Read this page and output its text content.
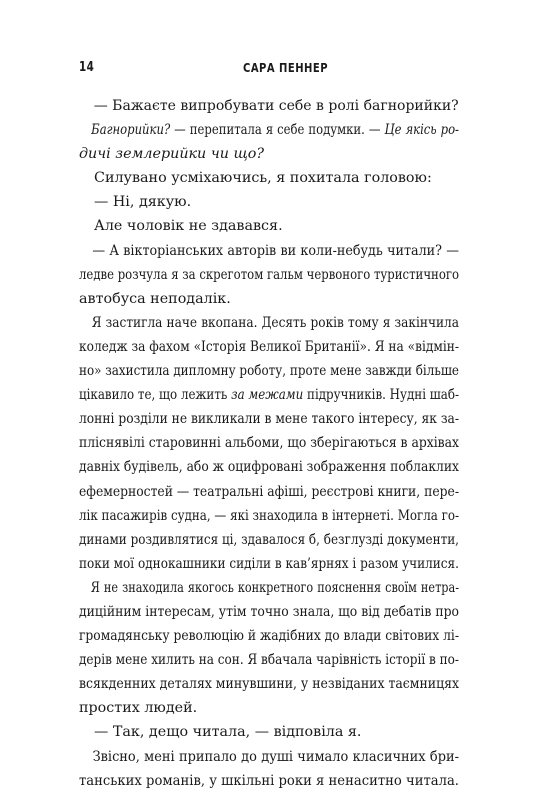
14	САРА ПЕННЕР
— Бажаєте випробувати себе в ролі багнорийки?
Багнорийки? — перепитала я себе подумки. — Це якісь ро-
дичі землерийки чи що?
Силувано усміхаючись, я похитала головою:
— Ні, дякую.
Але чоловік не здавався.
— А вікторіанських авторів ви коли-небудь читали? —
ледве розчула я за скреготом гальм червоного туристичного
автобуса неподалік.
Я застигла наче вкопана. Десять років тому я закінчила
коледж за фахом «Історія Великої Британії». Я на «відмін-
но» захистила дипломну роботу, проте мене завжди більше
цікавило те, що лежить за межами підручників. Нудні шаб-
лонні розділи не викликали в мене такого інтересу, як за-
пліснявілі старовинні альбоми, що зберігаються в архівах
давніх будівель, або ж оцифровані зображення поблаклих
ефемерностей — театральні афіші, реєстрові книги, пере-
лік пасажирів судна, — які знаходила в інтернеті. Могла го-
динами роздивлятися ці, здавалося б, безглузді документи,
поки мої однокашники сиділи в кав’ярнях і разом училися.
Я не знаходила якогось конкретного пояснення своїм нетра-
диційним інтересам, утім точно знала, що від дебатів про
громадянську революцію й жадібних до влади світових лі-
дерів мене хилить на сон. Я вбачала чарівність історії в по-
всякденних деталях минувшини, у незвіданих таємницях
простих людей.
— Так, дещо читала, — відповіла я.
Звісно, мені припало до душі чимало класичних бри-
танських романів, у шкільні роки я ненаситно читала.
